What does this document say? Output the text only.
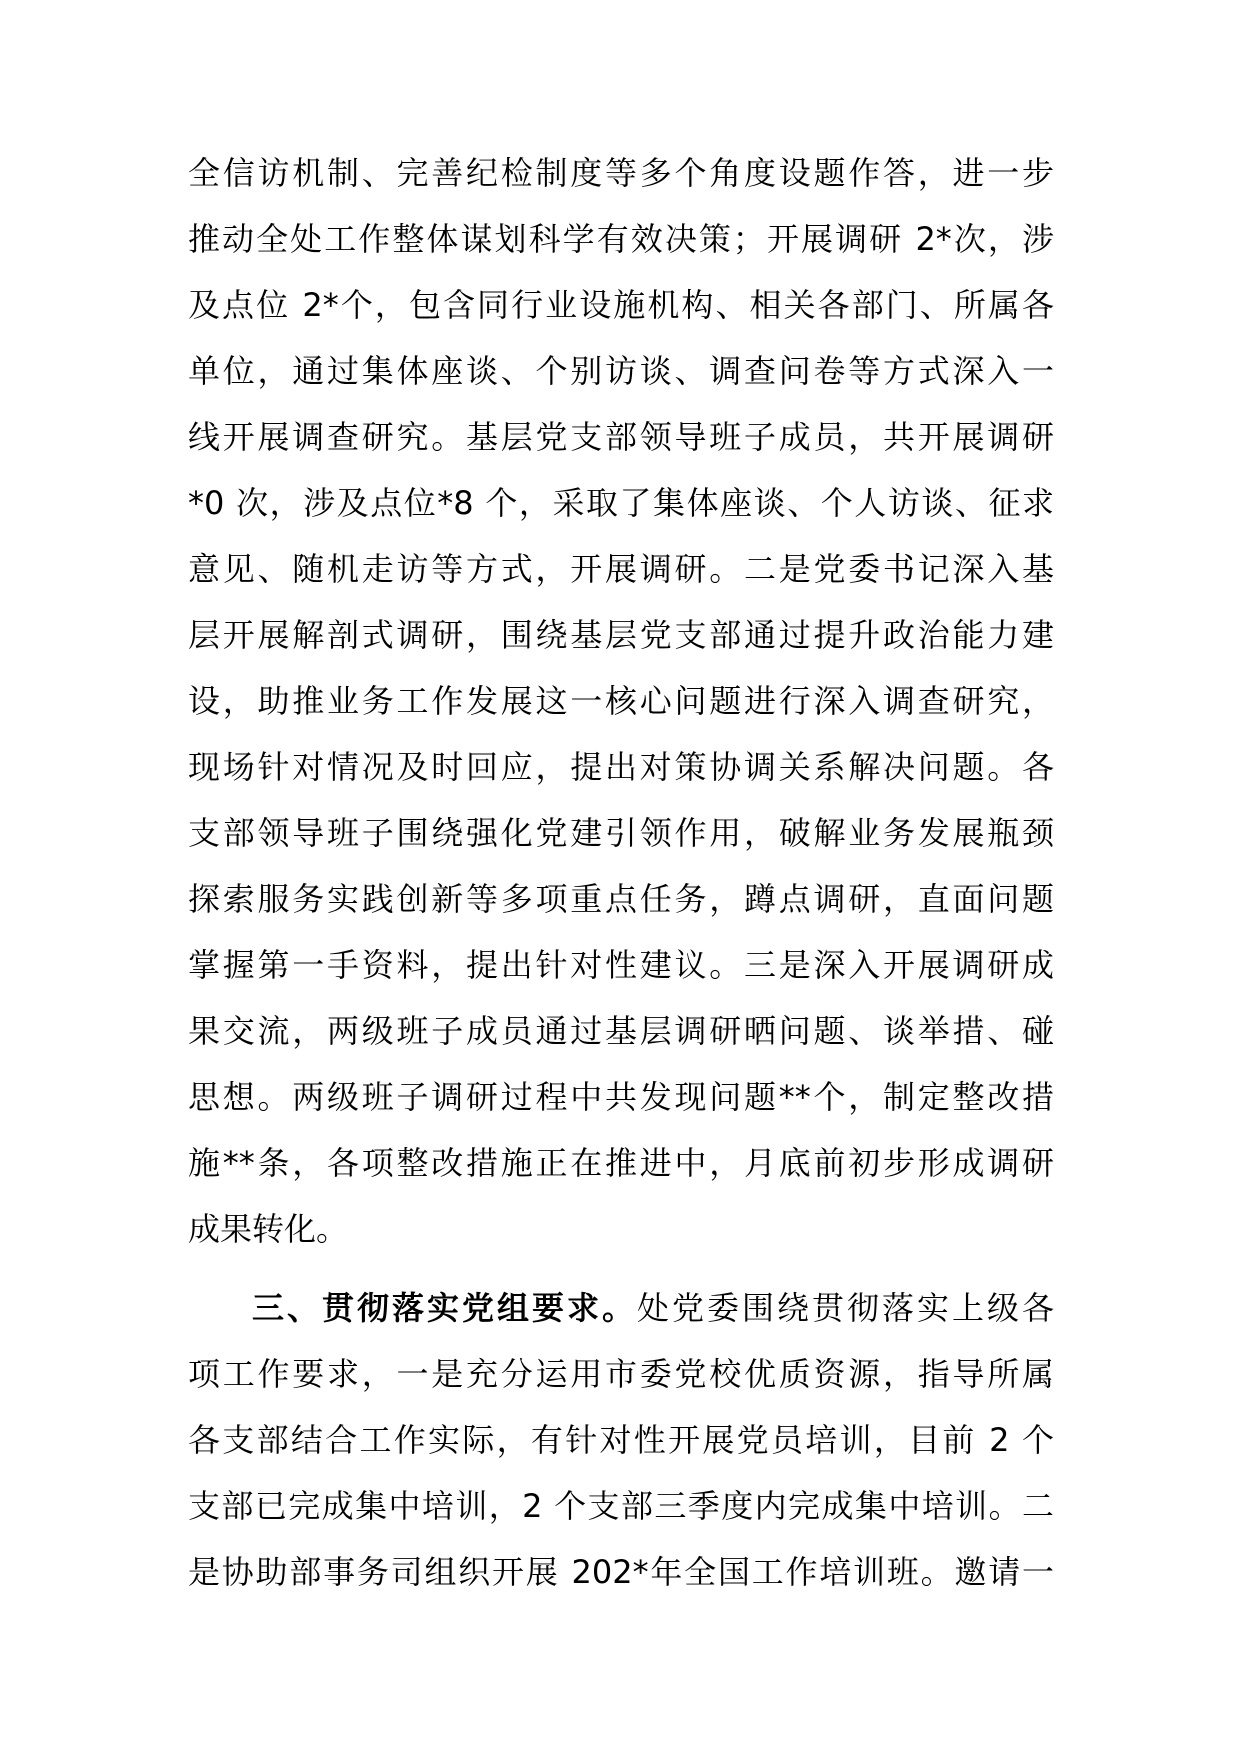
全信访机制、完善纪检制度等多个角度设题作答，进一步
推动全处工作整体谋划科学有效决策；开展调研 2*次，涉
及点位 2*个，包含同行业设施机构、相关各部门、所属各
单位，通过集体座谈、个别访谈、调查问卷等方式深入一
线开展调查研究。基层党支部领导班子成员，共开展调研
*0 次，涉及点位*8 个，采取了集体座谈、个人访谈、征求
意见、随机走访等方式，开展调研。二是党委书记深入基
层开展解剖式调研，围绕基层党支部通过提升政治能力建
设，助推业务工作发展这一核心问题进行深入调查研究，
现场针对情况及时回应，提出对策协调关系解决问题。各
支部领导班子围绕强化党建引领作用，破解业务发展瓶颈
探索服务实践创新等多项重点任务，蹲点调研，直面问题
掌握第一手资料，提出针对性建议。三是深入开展调研成
果交流，两级班子成员通过基层调研晒问题、谈举措、碰
思想。两级班子调研过程中共发现问题**个，制定整改措
施**条，各项整改措施正在推进中，月底前初步形成调研
成果转化。
三、贯彻落实党组要求。处党委围绕贯彻落实上级各
项工作要求，一是充分运用市委党校优质资源，指导所属
各支部结合工作实际，有针对性开展党员培训，目前 2 个
支部已完成集中培训，2 个支部三季度内完成集中培训。二
是协助部事务司组织开展 202*年全国工作培训班。邀请一
